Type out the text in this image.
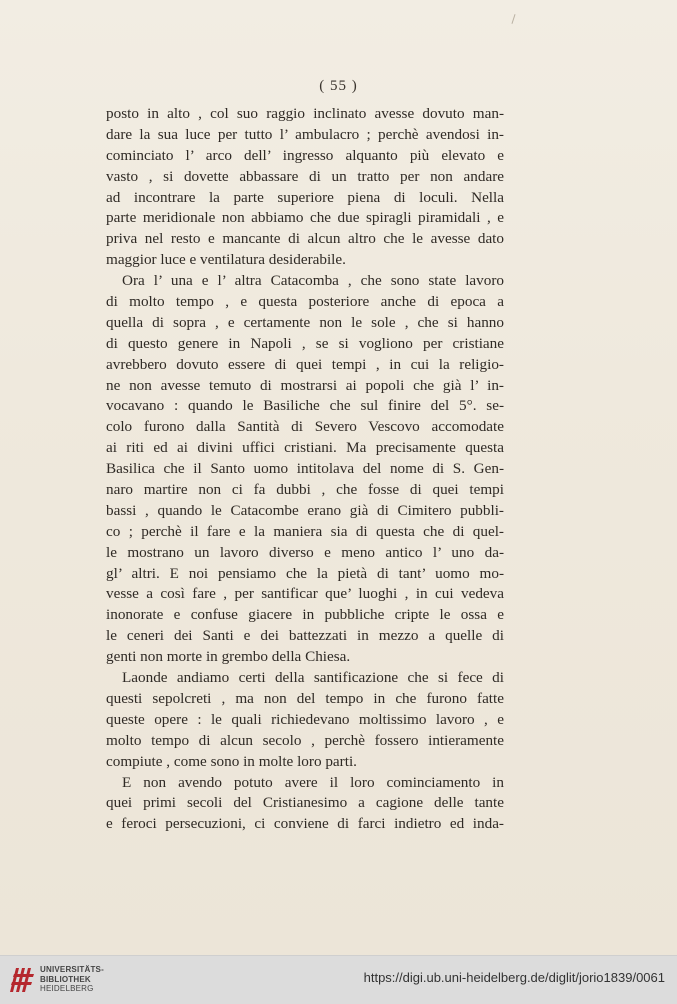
( 55 )
posto in alto , col suo raggio inclinato avesse dovuto man-
dare la sua luce per tutto l’ ambulacro ; perchè avendosi in-
cominciato l’ arco dell’ ingresso alquanto più elevato e
vasto , si dovette abbassare di un tratto per non andare
ad incontrare la parte superiore piena di loculi. Nella
parte meridionale non abbiamo che due spiragli piramidali , e
priva nel resto e mancante di alcun altro che le avesse dato
maggior luce e ventilatura desiderabile.
Ora l’ una e l’ altra Catacomba , che sono state lavoro
di molto tempo , e questa posteriore anche di epoca a
quella di sopra , e certamente non le sole , che si hanno
di questo genere in Napoli , se si vogliono per cristiane
avrebbero dovuto essere di quei tempi , in cui la religio-
ne non avesse temuto di mostrarsi ai popoli che già l’ in-
vocavano : quando le Basiliche che sul finire del 5°. se-
colo furono dalla Santità di Severo Vescovo accomodate
ai riti ed ai divini uffici cristiani. Ma precisamente questa
Basilica che il Santo uomo intitolava del nome di S. Gen-
naro martire non ci fa dubbi , che fosse di quei tempi
bassi , quando le Catacombe erano già di Cimitero pubbli-
co ; perchè il fare e la maniera sia di questa che di quel-
le mostrano un lavoro diverso e meno antico l’ uno da-
gl’ altri. E noi pensiamo che la pietà di tant’ uomo mo-
vesse a così fare , per santificar que’ luoghi , in cui vedeva
inonorate e confuse giacere in pubbliche cripte le ossa e
le ceneri dei Santi e dei battezzati in mezzo a quelle di
genti non morte in grembo della Chiesa.
Laonde andiamo certi della santificazione che si fece di
questi sepolcreti , ma non del tempo in che furono fatte
queste opere : le quali richiedevano moltissimo lavoro , e
molto tempo di alcun secolo , perchè fossero intieramente
compiute , come sono in molte loro parti.
E non avendo potuto avere il loro cominciamento in
quei primi secoli del Cristianesimo a cagione delle tante
e feroci persecuzioni, ci conviene di farci indietro ed inda-
UNIVERSITÄTS-
BIBLIOTHEK
HEIDELBERG
https://digi.ub.uni-heidelberg.de/diglit/jorio1839/0061
